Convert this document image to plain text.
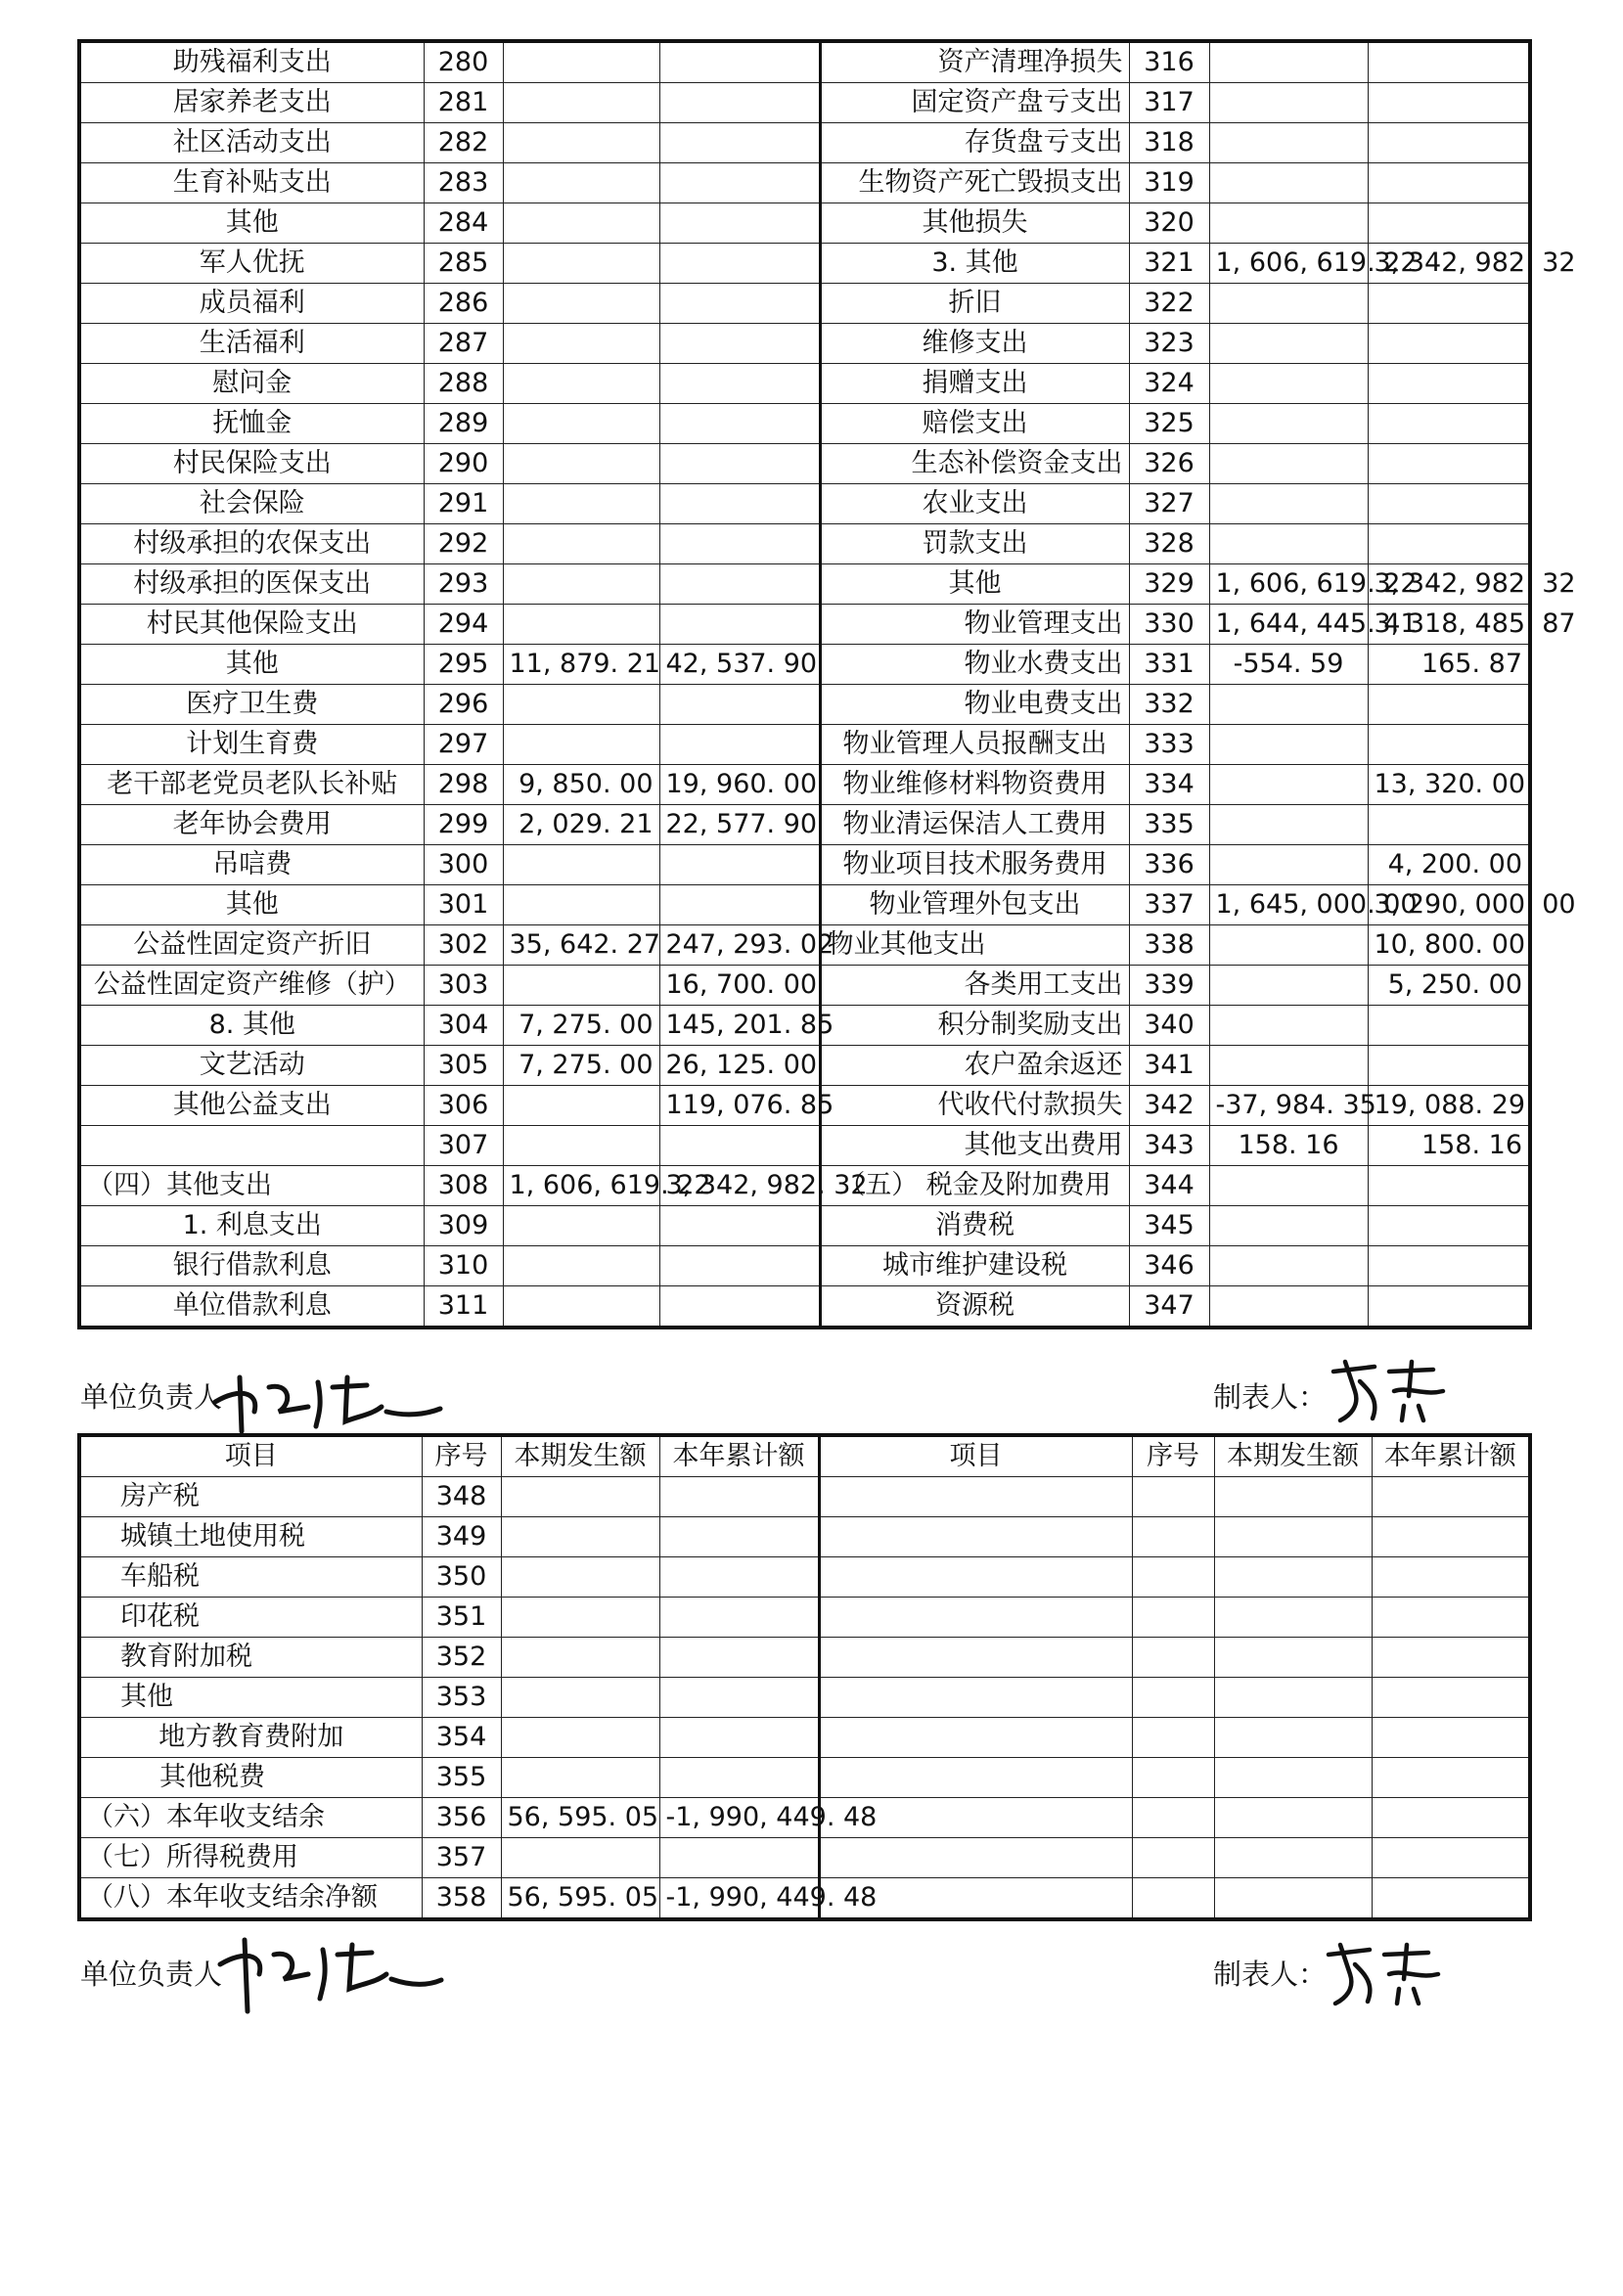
助残福利支出	280			资产清理净损失	316		
居家养老支出	281			固定资产盘亏支出	317		
社区活动支出	282			存货盘亏支出	318		
生育补贴支出	283			生物资产死亡毁损支出	319		
其他	284			其他损失	320		
军人优抚	285			3. 其他	321	1, 606, 619. 22	3, 342, 982. 32
成员福利	286			折旧	322		
生活福利	287			维修支出	323		
慰问金	288			捐赠支出	324		
抚恤金	289			赔偿支出	325		
村民保险支出	290			生态补偿资金支出	326		
社会保险	291			农业支出	327		
村级承担的农保支出	292			罚款支出	328		
村级承担的医保支出	293			其他	329	1, 606, 619. 22	3, 342, 982. 32
村民其他保险支出	294			物业管理支出	330	1, 644, 445. 41	3, 318, 485. 87
其他	295	11, 879. 21	42, 537. 90	物业水费支出	331	-554. 59	165. 87
医疗卫生费	296			物业电费支出	332		
计划生育费	297			物业管理人员报酬支出	333		
老干部老党员老队长补贴	298	9, 850. 00	19, 960. 00	物业维修材料物资费用	334		13, 320. 00
老年协会费用	299	2, 029. 21	22, 577. 90	物业清运保洁人工费用	335		
吊唁费	300			物业项目技术服务费用	336		4, 200. 00
其他	301			物业管理外包支出	337	1, 645, 000. 00	3, 290, 000. 00
公益性固定资产折旧	302	35, 642. 27	247, 293. 02	物业其他支出	338		10, 800. 00
公益性固定资产维修（护）	303		16, 700. 00	各类用工支出	339		5, 250. 00
8. 其他	304	7, 275. 00	145, 201. 85	积分制奖励支出	340		
文艺活动	305	7, 275. 00	26, 125. 00	农户盈余返还	341		
其他公益支出	306		119, 076. 85	代收代付款损失	342	-37, 984. 35	19, 088. 29
	307			其他支出费用	343	158. 16	158. 16
（四）其他支出	308	1, 606, 619. 22	3, 342, 982. 32	（五） 税金及附加费用	344		
1. 利息支出	309			消费税	345		
银行借款利息	310			城市维护建设税	346		
单位借款利息	311			资源税	347		
单位负责人	制表人：
项目	序号	本期发生额	本年累计额	项目	序号	本期发生额	本年累计额
房产税	348						
城镇土地使用税	349						
车船税	350						
印花税	351						
教育附加税	352						
其他	353						
地方教育费附加	354						
其他税费	355						
（六）本年收支结余	356	56, 595. 05	-1, 990, 449. 48				
（七）所得税费用	357						
（八）本年收支结余净额	358	56, 595. 05	-1, 990, 449. 48				
单位负责人	制表人：
